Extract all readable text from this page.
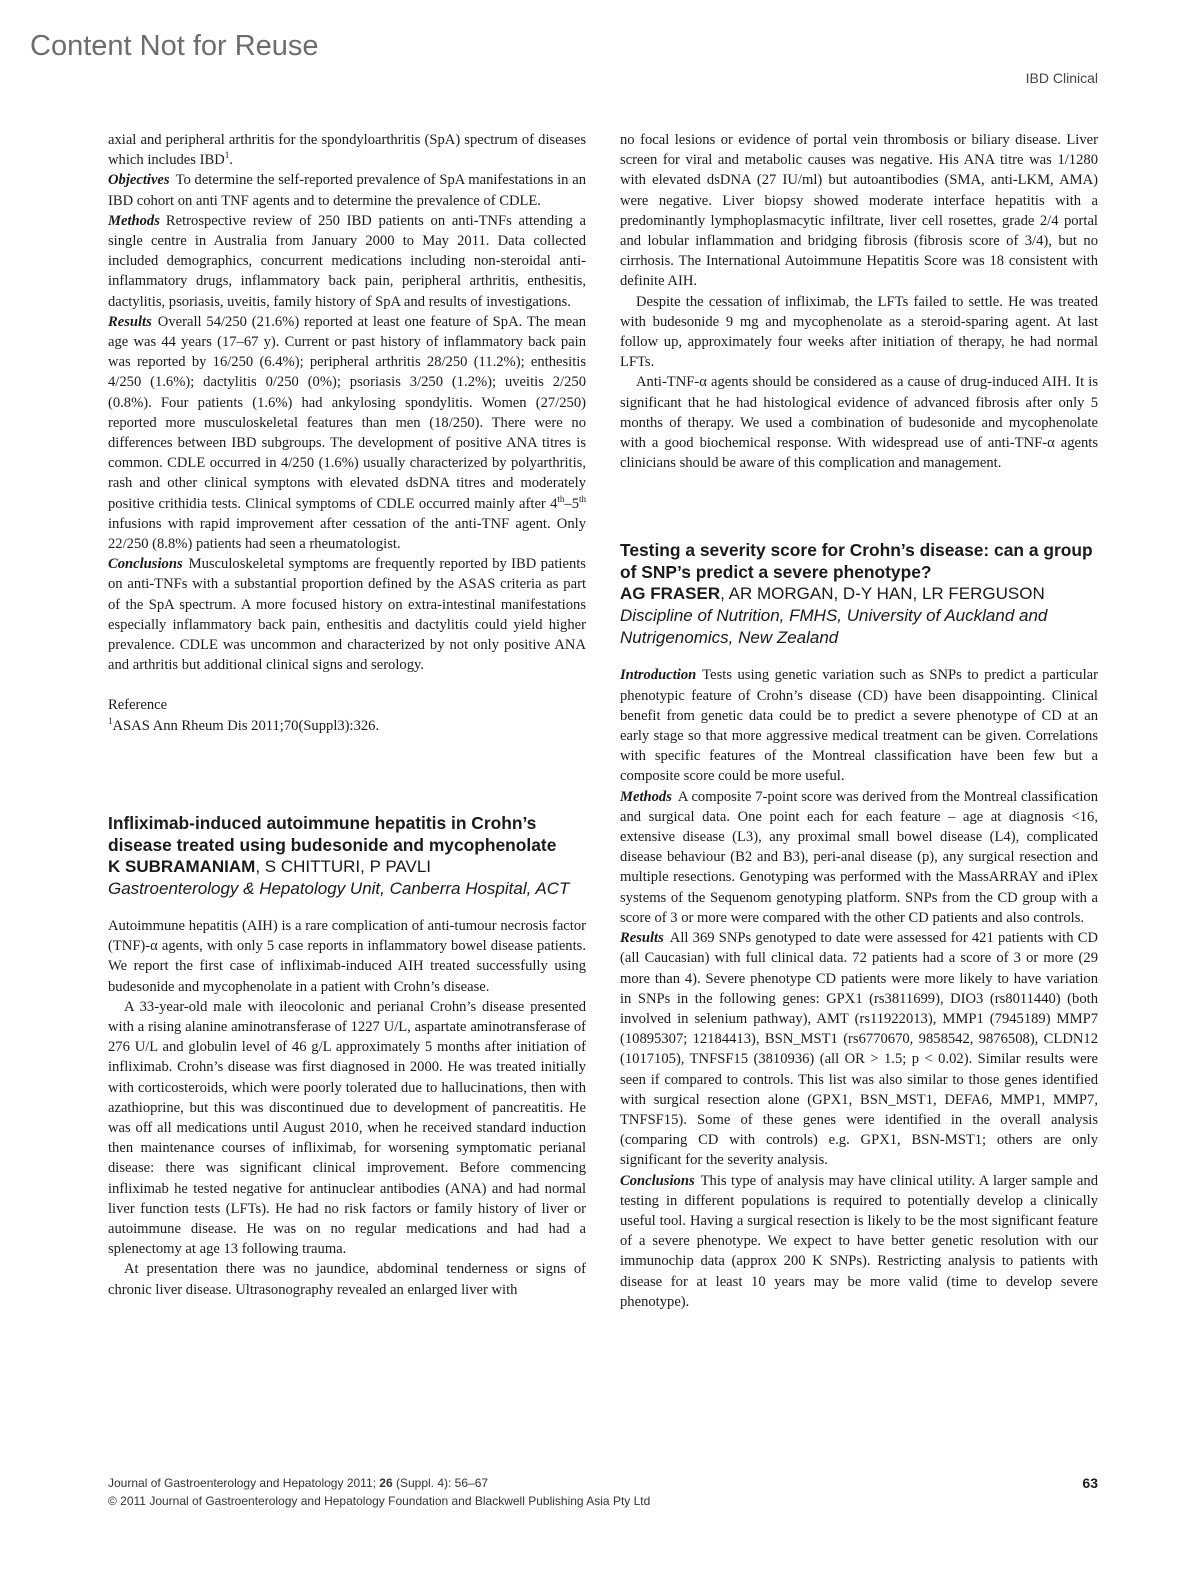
Content Not for Reuse
IBD Clinical

axial and peripheral arthritis for the spondyloarthritis (SpA) spectrum of diseases which includes IBD$^1$.

Objectives To determine the self-reported prevalence of SpA manifestations in an IBD cohort on anti TNF agents and to determine the prevalence of CDLE.

Methods Retrospective review of 250 IBD patients on anti-TNFs attending a single centre in Australia from January 2000 to May 2011. Data collected included demographics, concurrent medications including non-steroidal anti-inflammatory drugs, inflammatory back pain, peripheral arthritis, enthesitis, dactylitis, psoriasis, uveitis, family history of SpA and results of investigations.

Results Overall 54/250 (21.6%) reported at least one feature of SpA. The mean age was 44 years (17–67 y). Current or past history of inflammatory back pain was reported by 16/250 (6.4%); peripheral arthritis 28/250 (11.2%); enthesitis 4/250 (1.6%); dactylitis 0/250 (0%); psoriasis 3/250 (1.2%); uveitis 2/250 (0.8%). Four patients (1.6%) had ankylosing spondylitis. Women (27/250) reported more musculoskeletal features than men (18/250). There were no differences between IBD subgroups. The development of positive ANA titres is common. CDLE occurred in 4/250 (1.6%) usually characterized by polyarthritis, rash and other clinical symptons with elevated dsDNA titres and moderately positive crithidia tests. Clinical symptoms of CDLE occurred mainly after 4th–5th infusions with rapid improvement after cessation of the anti-TNF agent. Only 22/250 (8.8%) patients had seen a rheumatologist.

Conclusions Musculoskeletal symptoms are frequently reported by IBD patients on anti-TNFs with a substantial proportion defined by the ASAS criteria as part of the SpA spectrum. A more focused history on extra-intestinal manifestations especially inflammatory back pain, enthesitis and dactylitis could yield higher prevalence. CDLE was uncommon and characterized by not only positive ANA and arthritis but additional clinical signs and serology.

Reference

$^1$ASAS Ann Rheum Dis 2011;70(Suppl3):326.

Infliximab-induced autoimmune hepatitis in Crohn’s disease treated using budesonide and mycophenolate
K SUBRAMANIAM, S CHITTURI, P PAVLI
Gastroenterology & Hepatology Unit, Canberra Hospital, ACT

Autoimmune hepatitis (AIH) is a rare complication of anti-tumour necrosis factor (TNF)-α agents, with only 5 case reports in inflammatory bowel disease patients. We report the first case of infliximab-induced AIH treated successfully using budesonide and mycophenolate in a patient with Crohn’s disease.

A 33-year-old male with ileocolonic and perianal Crohn’s disease presented with a rising alanine aminotransferase of 1227 U/L, aspartate aminotransferase of 276 U/L and globulin level of 46 g/L approximately 5 months after initiation of infliximab. Crohn’s disease was first diagnosed in 2000. He was treated initially with corticosteroids, which were poorly tolerated due to hallucinations, then with azathioprine, but this was discontinued due to development of pancreatitis. He was off all medications until August 2010, when he received standard induction then maintenance courses of infliximab, for worsening symptomatic perianal disease: there was significant clinical improvement. Before commencing infliximab he tested negative for antinuclear antibodies (ANA) and had normal liver function tests (LFTs). He had no risk factors or family history of liver or autoimmune disease. He was on no regular medications and had had a splenectomy at age 13 following trauma.

At presentation there was no jaundice, abdominal tenderness or signs of chronic liver disease. Ultrasonography revealed an enlarged liver with

no focal lesions or evidence of portal vein thrombosis or biliary disease. Liver screen for viral and metabolic causes was negative. His ANA titre was 1/1280 with elevated dsDNA (27 IU/ml) but autoantibodies (SMA, anti-LKM, AMA) were negative. Liver biopsy showed moderate interface hepatitis with a predominantly lymphoplasmacytic infiltrate, liver cell rosettes, grade 2/4 portal and lobular inflammation and bridging fibrosis (fibrosis score of 3/4), but no cirrhosis. The International Autoimmune Hepatitis Score was 18 consistent with definite AIH.

Despite the cessation of infliximab, the LFTs failed to settle. He was treated with budesonide 9 mg and mycophenolate as a steroid-sparing agent. At last follow up, approximately four weeks after initiation of therapy, he had normal LFTs.

Anti-TNF-α agents should be considered as a cause of drug-induced AIH. It is significant that he had histological evidence of advanced fibrosis after only 5 months of therapy. We used a combination of budesonide and mycophenolate with a good biochemical response. With widespread use of anti-TNF-α agents clinicians should be aware of this complication and management.

Testing a severity score for Crohn’s disease: can a group of SNP’s predict a severe phenotype?
AG FRASER, AR MORGAN, D-Y HAN, LR FERGUSON
Discipline of Nutrition, FMHS, University of Auckland and Nutrigenomics, New Zealand

Introduction Tests using genetic variation such as SNPs to predict a particular phenotypic feature of Crohn’s disease (CD) have been disappointing. Clinical benefit from genetic data could be to predict a severe phenotype of CD at an early stage so that more aggressive medical treatment can be given. Correlations with specific features of the Montreal classification have been few but a composite score could be more useful.

Methods A composite 7-point score was derived from the Montreal classification and surgical data. One point each for each feature – age at diagnosis <16, extensive disease (L3), any proximal small bowel disease (L4), complicated disease behaviour (B2 and B3), peri-anal disease (p), any surgical resection and multiple resections. Genotyping was performed with the MassARRAY and iPlex systems of the Sequenom genotyping platform. SNPs from the CD group with a score of 3 or more were compared with the other CD patients and also controls.

Results All 369 SNPs genotyped to date were assessed for 421 patients with CD (all Caucasian) with full clinical data. 72 patients had a score of 3 or more (29 more than 4). Severe phenotype CD patients were more likely to have variation in SNPs in the following genes: GPX1 (rs3811699), DIO3 (rs8011440) (both involved in selenium pathway), AMT (rs11922013), MMP1 (7945189) MMP7 (10895307; 12184413), BSN_MST1 (rs6770670, 9858542, 9876508), CLDN12 (1017105), TNFSF15 (3810936) (all OR > 1.5; p < 0.02). Similar results were seen if compared to controls. This list was also similar to those genes identified with surgical resection alone (GPX1, BSN_MST1, DEFA6, MMP1, MMP7, TNFSF15). Some of these genes were identified in the overall analysis (comparing CD with controls) e.g. GPX1, BSN-MST1; others are only significant for the severity analysis.

Conclusions This type of analysis may have clinical utility. A larger sample and testing in different populations is required to potentially develop a clinically useful tool. Having a surgical resection is likely to be the most significant feature of a severe phenotype. We expect to have better genetic resolution with our immunochip data (approx 200 K SNPs). Restricting analysis to patients with disease for at least 10 years may be more valid (time to develop severe phenotype).

Journal of Gastroenterology and Hepatology 2011; 26 (Suppl. 4): 56–67
© 2011 Journal of Gastroenterology and Hepatology Foundation and Blackwell Publishing Asia Pty Ltd
63
